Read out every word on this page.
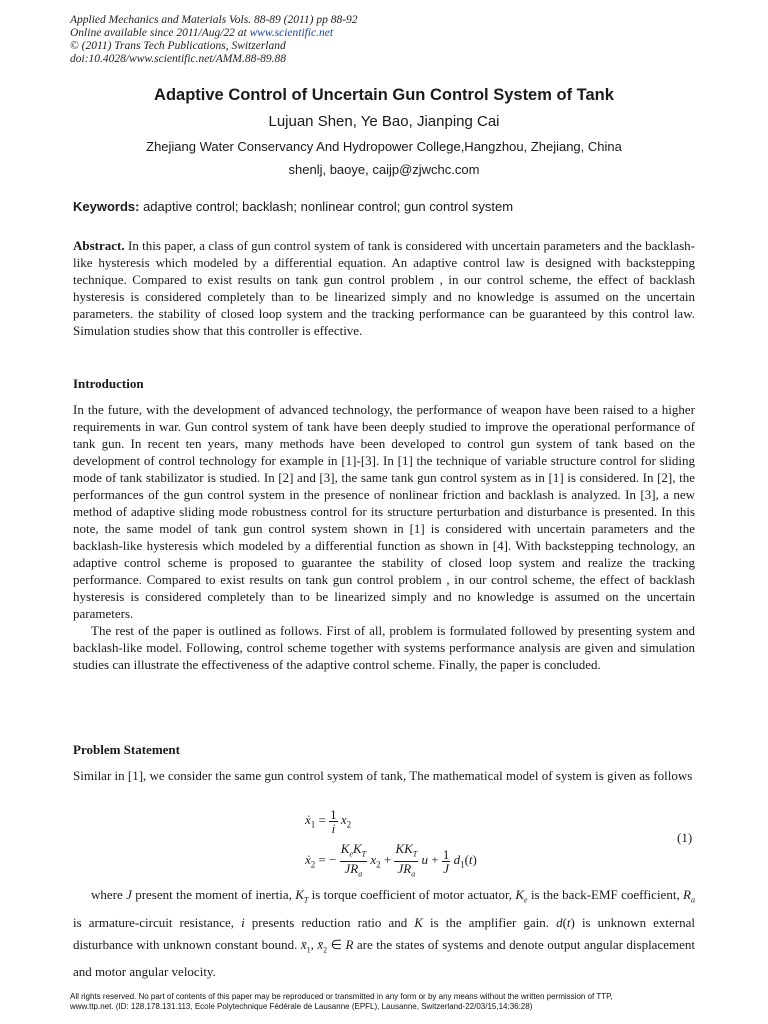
Applied Mechanics and Materials Vols. 88-89 (2011) pp 88-92
Online available since 2011/Aug/22 at www.scientific.net
© (2011) Trans Tech Publications, Switzerland
doi:10.4028/www.scientific.net/AMM.88-89.88
Adaptive Control of Uncertain Gun Control System of Tank
Lujuan Shen, Ye Bao, Jianping Cai
Zhejiang Water Conservancy And Hydropower College,Hangzhou, Zhejiang, China
shenlj, baoye, caijp@zjwchc.com
Keywords: adaptive control; backlash; nonlinear control; gun control system
Abstract. In this paper, a class of gun control system of tank is considered with uncertain parameters and the backlash-like hysteresis which modeled by a differential equation. An adaptive control law is designed with backstepping technique. Compared to exist results on tank gun control problem , in our control scheme, the effect of backlash hysteresis is considered completely than to be linearized simply and no knowledge is assumed on the uncertain parameters. the stability of closed loop system and the tracking performance can be guaranteed by this control law. Simulation studies show that this controller is effective.
Introduction

In the future, with the development of advanced technology, the performance of weapon have been raised to a higher requirements in war. Gun control system of tank have been deeply studied to improve the operational performance of tank gun. In recent ten years, many methods have been developed to control gun system of tank based on the development of control technology for example in [1]-[3]. In [1] the technique of variable structure control for sliding mode of tank stabilizator is studied. In [2] and [3], the same tank gun control system as in [1] is considered. In [2], the performances of the gun control system in the presence of nonlinear friction and backlash is analyzed. In [3], a new method of adaptive sliding mode robustness control for its structure perturbation and disturbance is presented. In this note, the same model of tank gun control system shown in [1] is considered with uncertain parameters and the backlash-like hysteresis which modeled by a differential function as shown in [4]. With backstepping technology, an adaptive control scheme is proposed to guarantee the stability of closed loop system and realize the tracking performance. Compared to exist results on tank gun control problem , in our control scheme, the effect of backlash hysteresis is considered completely than to be linearized simply and no knowledge is assumed on the uncertain parameters.

The rest of the paper is outlined as follows. First of all, problem is formulated followed by presenting system and backlash-like model. Following, control scheme together with systems performance analysis are given and simulation studies can illustrate the effectiveness of the adaptive control scheme. Finally, the paper is concluded.

Problem Statement
Similar in [1], we consider the same gun control system of tank, The mathematical model of system is given as follows
$ẋ_1 = \frac{1}{i} x_2$
$ẋ_2$ = − $\frac{K_eK_T}{JR_a} x_2 + \frac{KK_T}{JR_a}$ $u + \frac{1}{J} d_1(t)$
(1)
where J present the moment of inertia, $K_T$ is torque coefficient of motor actuator, $K_e$ is the back-EMF coefficient, $R_a$ is armature-circuit resistance, i presents reduction ratio and K is the amplifier gain. d(t) is unknown external disturbance with unknown constant bound. $x̄_1$, $x̄_2$ ∈ R are the states of systems and denote output angular displacement and motor angular velocity.
All rights reserved. No part of contents of this paper may be reproduced or transmitted in any form or by any means without the written permission of TTP,
www.ttp.net. (ID: 128.178.131.113, Ecole Polytechnique Fédérale de Lausanne (EPFL), Lausanne, Switzerland-22/03/15,14:36:28)
